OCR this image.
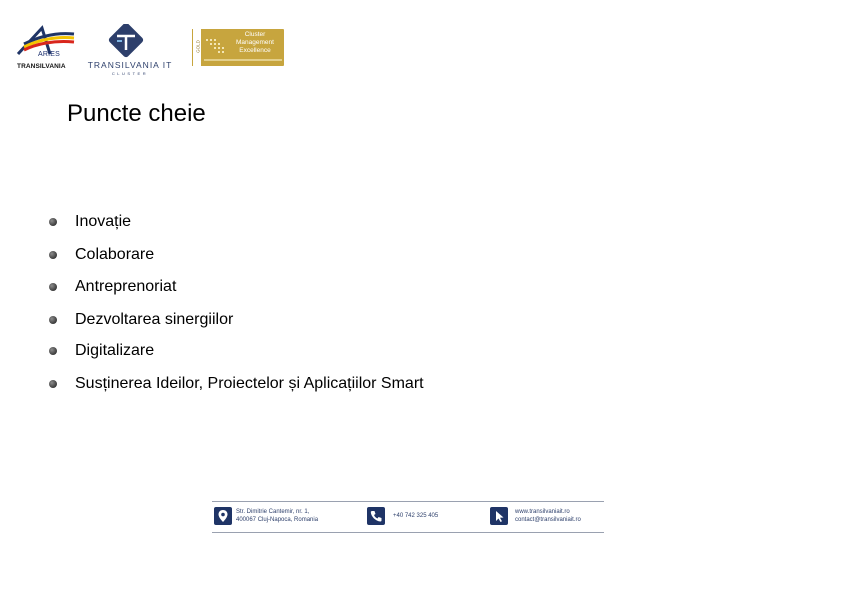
ARIES
TRANSILVANIA	TRANSILVANIA IT
CLUSTER
GOLD
Cluster
Management
Excellence
Puncte cheie
Inovație
Colaborare
Antreprenoriat
Dezvoltarea sinergiilor
Digitalizare
Susținerea Ideilor, Proiectelor și Aplicațiilor Smart
Str. Dimitrie Cantemir, nr. 1,
400067 Cluj-Napoca, Romania
+40 742 325 405
www.transilvaniait.ro
contact@transilvaniait.ro
